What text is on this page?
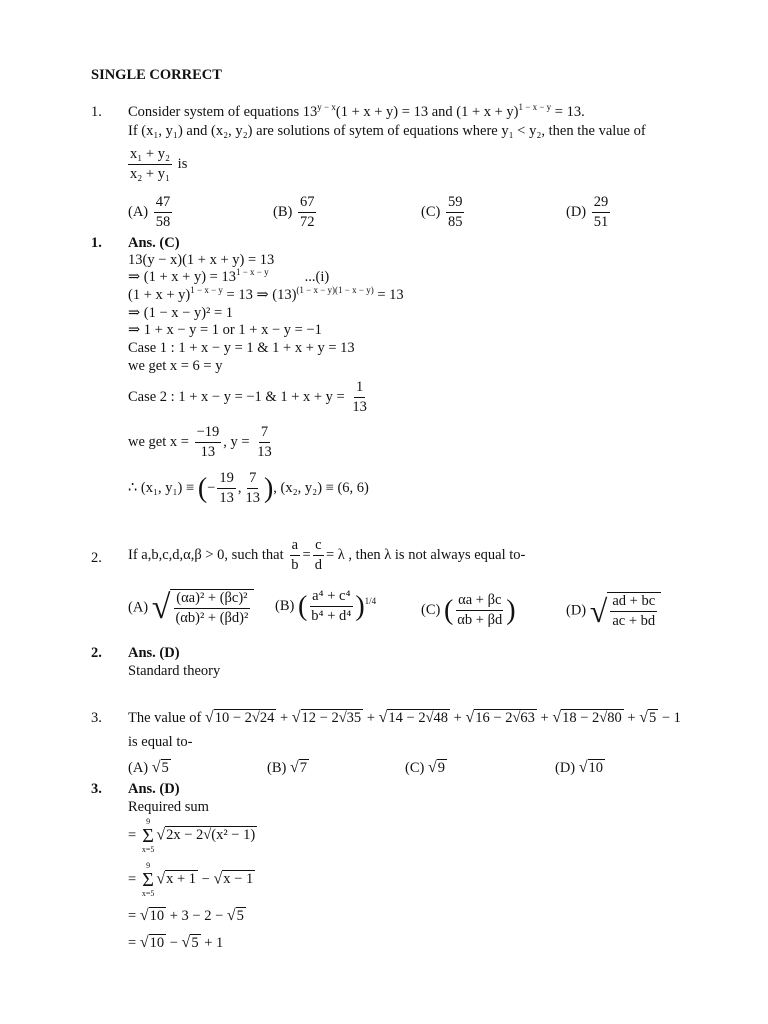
SINGLE CORRECT
1. Consider system of equations $13^{y - x}(1 + x + y) = 13$ and $(1 + x + y)^{1 - x - y} = 13$.
If (x₁, y₁) and (x₂, y₂) are solutions of sytem of equations where y₁ < y₂, then the value of
$\frac{\text{x₁ + y₂}}{\text{x₂ + y₁}}$ is
$(A) \frac{47}{58}$	$(B) \frac{67}{72}$	$(C) \frac{59}{85}$	$(D) \frac{29}{51}$
1. Ans. (C)
13(y − x)(1 + x + y) = 13
⇒ $(1 + x + y) = 13^{1 - x - y}$ ...(i)
$(1 + x + y)^{1 - x - y} = 13$ ⇒ $(13)^{(1 - x - y)(1 - x - y)} = 13$
⇒ (1 − x − y)² = 1
⇒ 1 + x − y = 1 or 1 + x − y = −1
Case 1 : 1 + x − y = 1 & 1 + x + y = 13
we get x = 6 = y
Case 2 : 1 + x − y = −1 & $1 + x + y = \frac{1}{13}$
we get $x = \frac{-19}{13}$ , $y = \frac{7}{13}$
∴ (x₁, y₁) ≡ (− $\frac{19}{13}$ , $\frac{7}{13}$ ), (x₂, y₂) ≡ (6, 6)
2. If a,b,c,d,α,β > 0, such that $\frac{a}{b} = \frac{c}{d} = \lambda$ , then λ is not always equal to-
(A) √ $\frac{\text{(αa)² + (βc)²}}{\text{(αb)² + (βd)²}} (B)$ ( $\frac{\text{a⁴ + c⁴}}{\text{b⁴ + d⁴}} )^{1/4}$
(C) ( $\frac{\alpha a + \beta c}{\alpha b + \beta d}$ )	(D) √ $\frac{ad + bc}{ac + bd}$
2. Ans. (D)
Standard theory
3. The value of √10 − 2√24 + √12 − 2√35 + √14 − 2√48 + √16 − 2√63 + √18 − 2√80 + √5 − 1
is equal to-
(A) √5	(B) √7	(C) √9	(D) √10
3. Ans. (D)
Required sum
=
9
Σ
x=5
√2x − 2√(x² − 1)
=
9
Σ
x=5
√x + 1 − √x − 1
= √10 + 3 − 2 − √5
= √10 − √5 + 1
